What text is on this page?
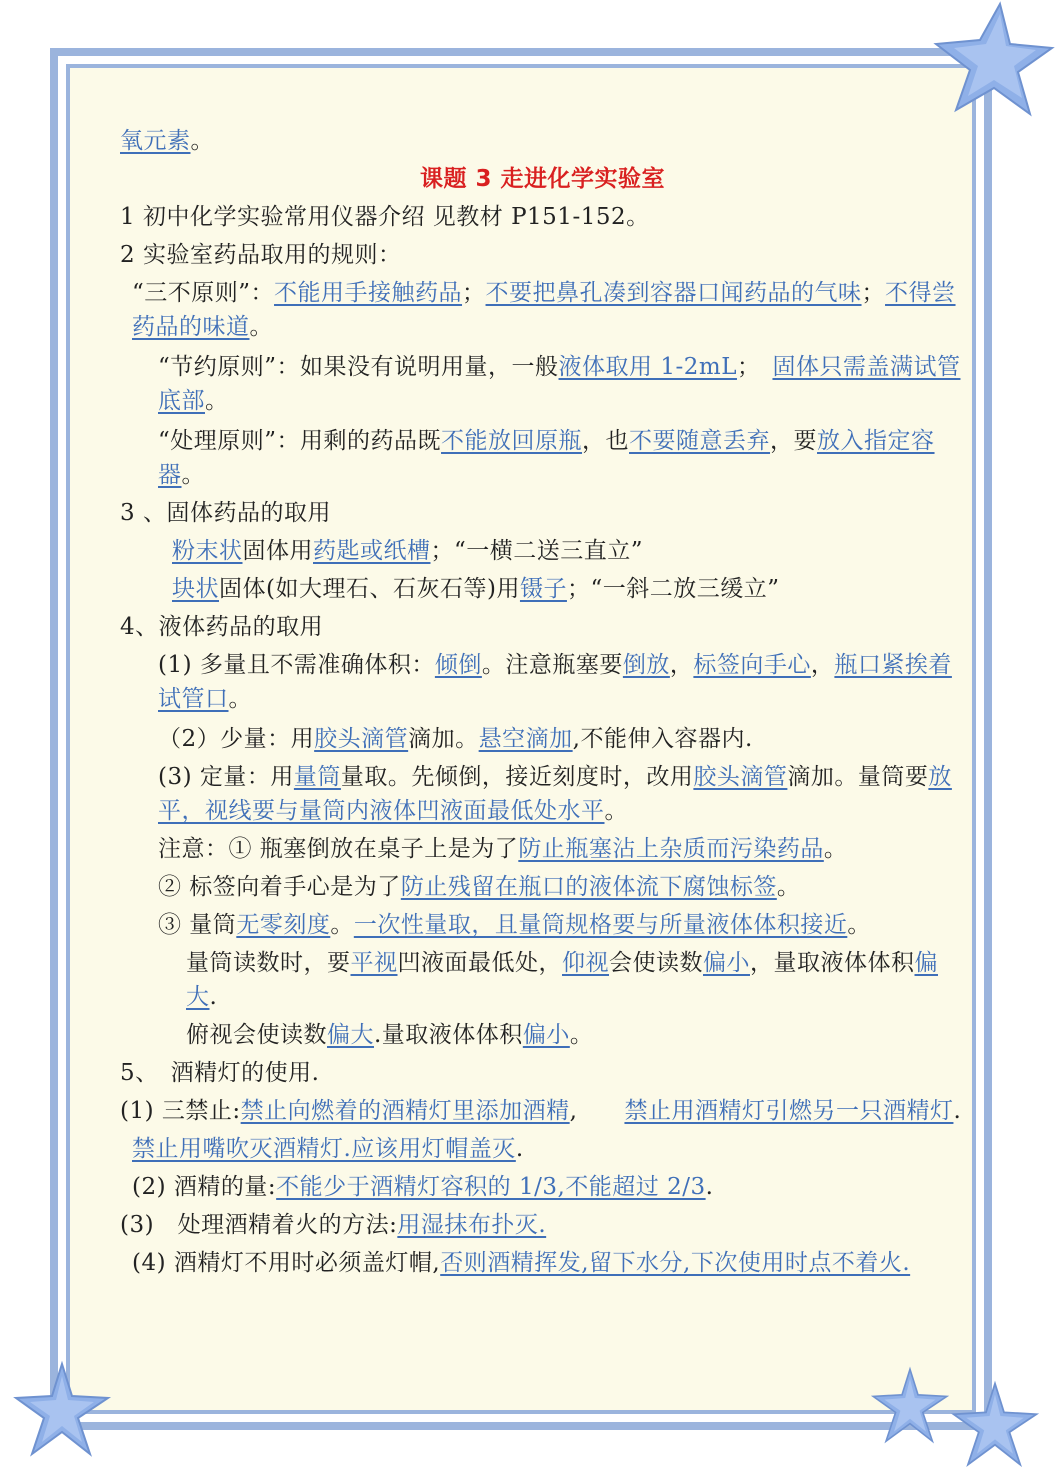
氧元素。

课题 3 走进化学实验室

1 初中化学实验常用仪器介绍 见教材 P151-152。

2 实验室药品取用的规则：

“三不原则”：不能用手接触药品；不要把鼻孔凑到容器口闻药品的气味；不得尝药品的味道。

“节约原则”：如果没有说明用量，一般液体取用 1-2mL；　固体只需盖满试管底部。

“处理原则”：用剩的药品既不能放回原瓶，也不要随意丢弃，要放入指定容器。

3 、固体药品的取用

粉末状固体用药匙或纸槽；“一横二送三直立”

块状固体(如大理石、石灰石等)用镊子；“一斜二放三缓立”

4、液体药品的取用

(1) 多量且不需准确体积：倾倒。注意瓶塞要倒放，标签向手心，瓶口紧挨着试管口。

（2）少量：用胶头滴管滴加。悬空滴加,不能伸入容器内.

(3) 定量：用量筒量取。先倾倒，接近刻度时，改用胶头滴管滴加。量筒要放平，视线要与量筒内液体凹液面最低处水平。

注意：① 瓶塞倒放在桌子上是为了防止瓶塞沾上杂质而污染药品。

② 标签向着手心是为了防止残留在瓶口的液体流下腐蚀标签。

③ 量筒无零刻度。一次性量取，且量筒规格要与所量液体体积接近。

量筒读数时，要平视凹液面最低处，仰视会使读数偏小，量取液体体积偏大.

俯视会使读数偏大.量取液体体积偏小。

5、　酒精灯的使用.

(1) 三禁止:禁止向燃着的酒精灯里添加酒精,　　禁止用酒精灯引燃另一只酒精灯.

禁止用嘴吹灭酒精灯.应该用灯帽盖灭.

(2) 酒精的量:不能少于酒精灯容积的 1/3,不能超过 2/3.

(3)　处理酒精着火的方法:用湿抹布扑灭.

(4) 酒精灯不用时必须盖灯帽,否则酒精挥发,留下水分,下次使用时点不着火.
